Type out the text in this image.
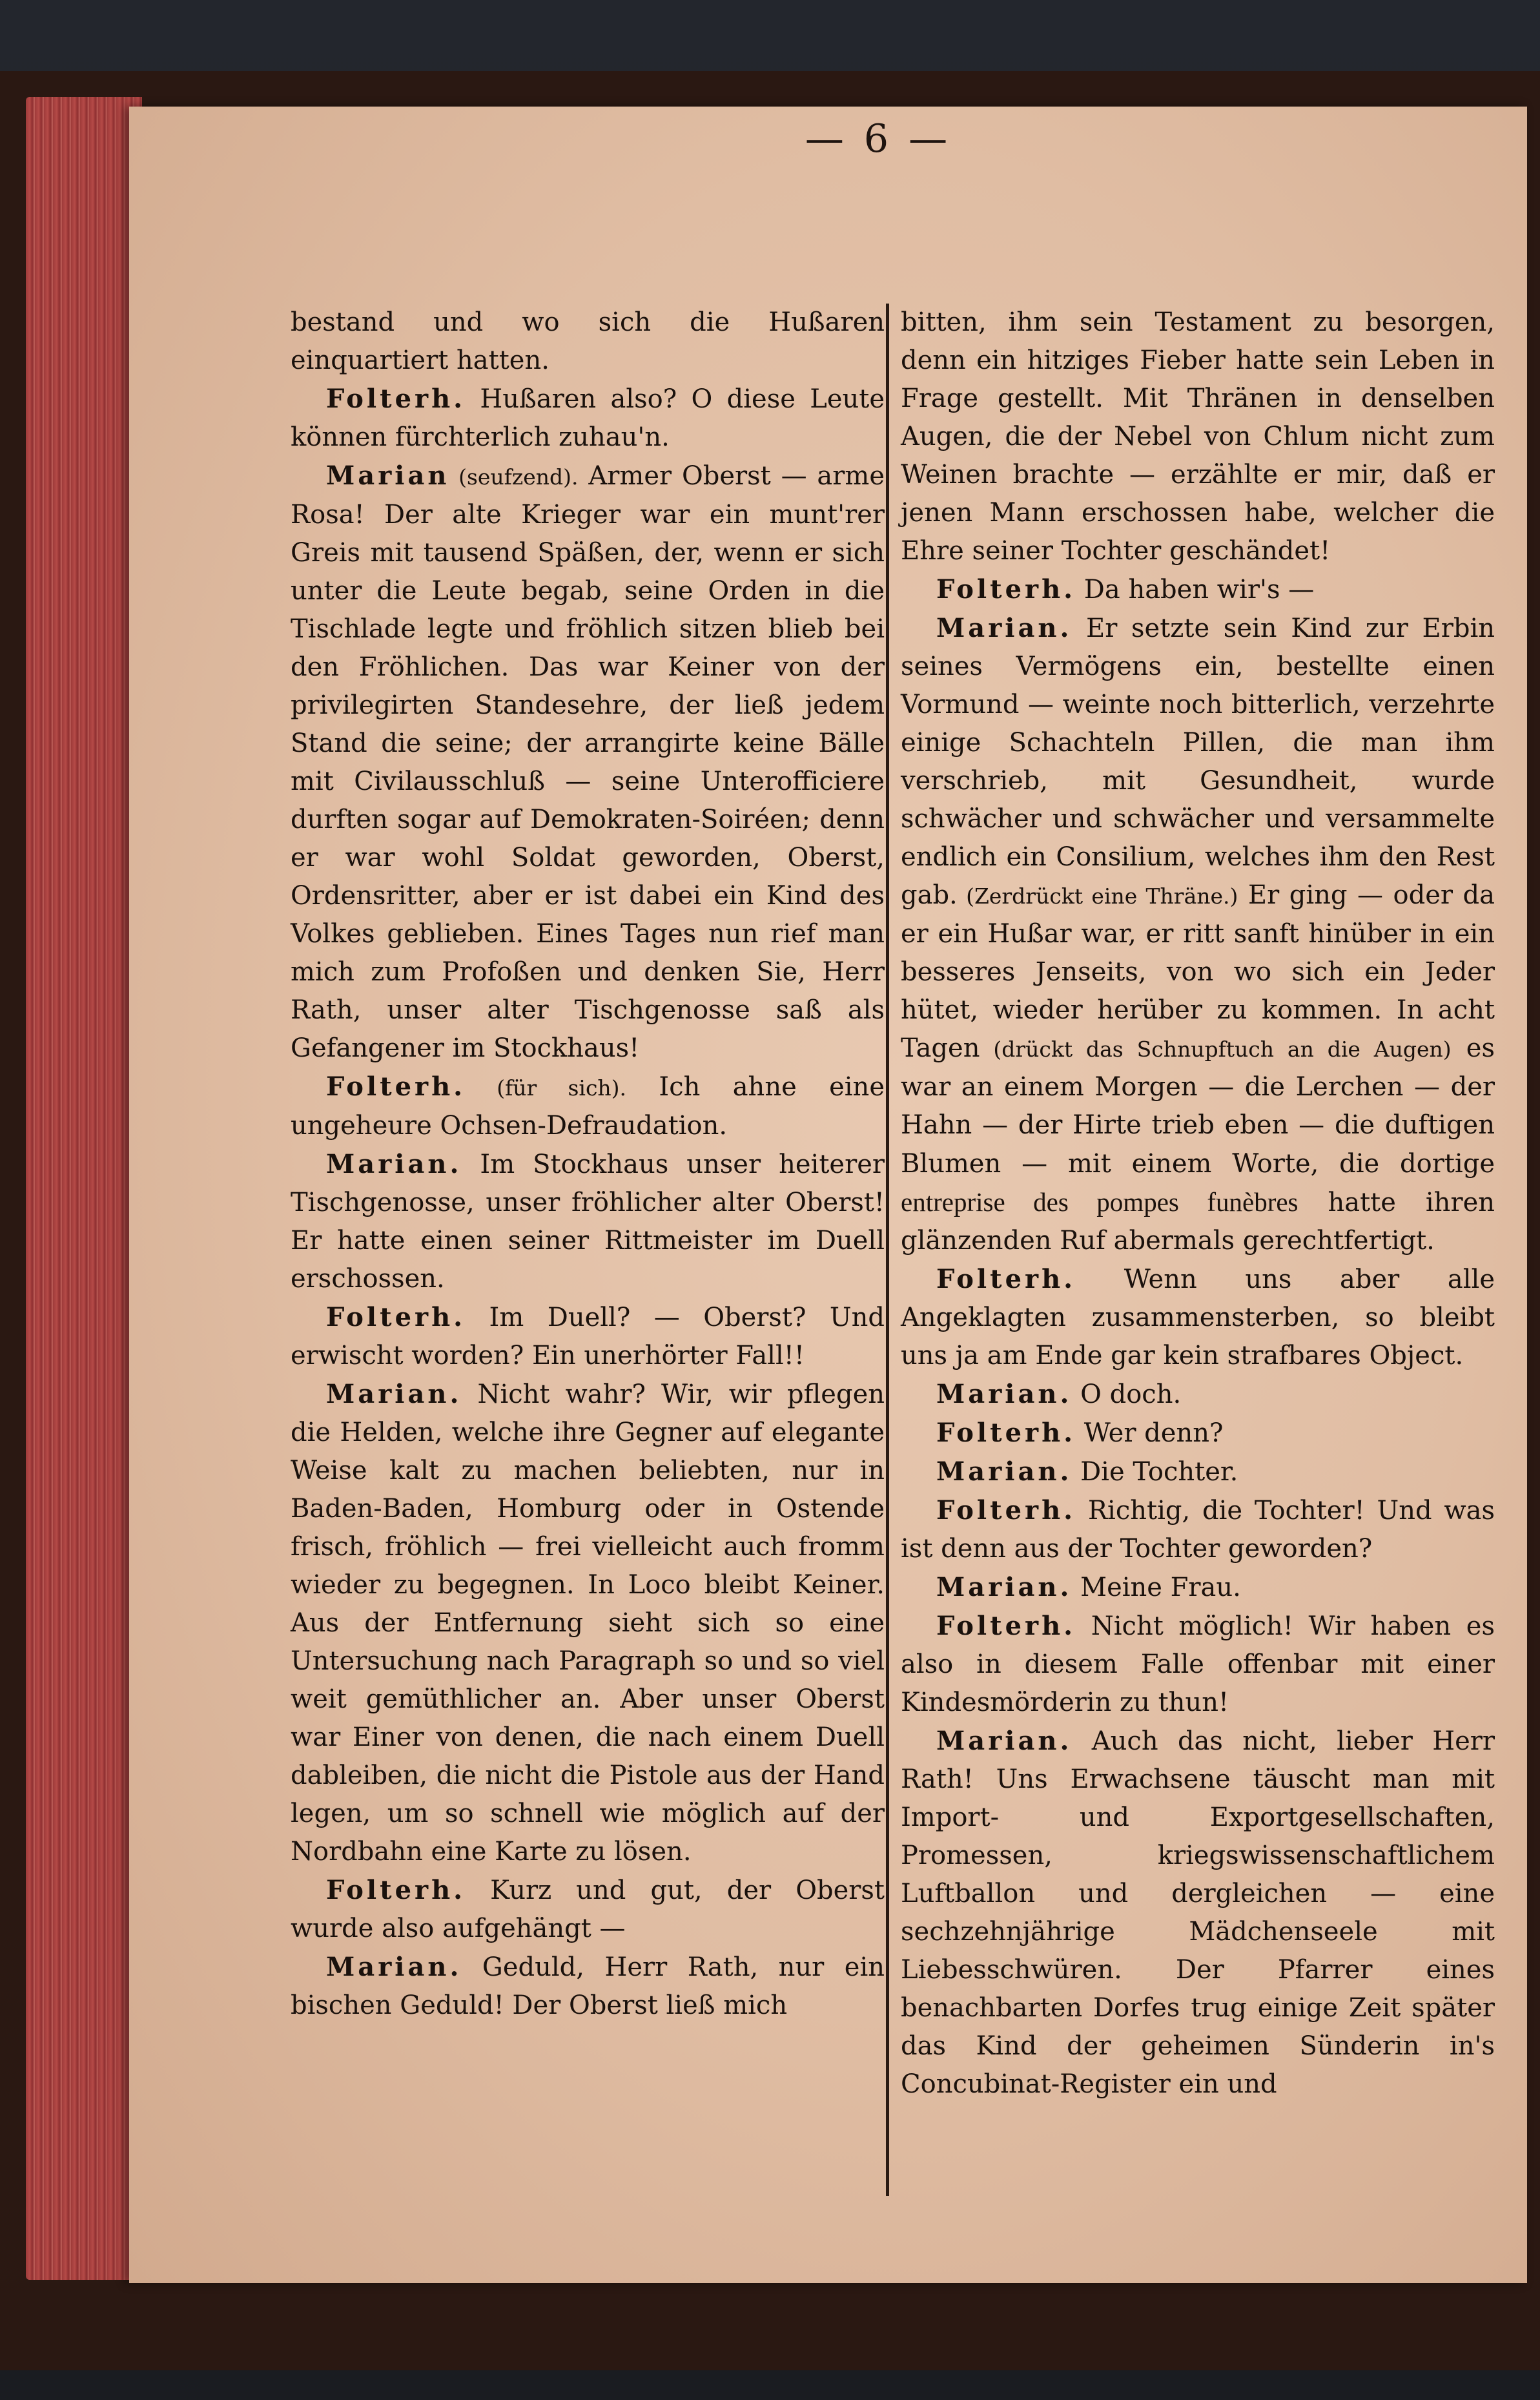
— 6 —

bestand und wo sich die Hußaren einquartiert hatten.

Folterh. Hußaren also? O diese Leute können fürchterlich zuhau'n.

Marian (seufzend). Armer Oberst — arme Rosa! Der alte Krieger war ein munt'rer Greis mit tausend Späßen, der, wenn er sich unter die Leute begab, seine Orden in die Tischlade legte und fröhlich sitzen blieb bei den Fröhlichen. Das war Keiner von der privilegirten Standesehre, der ließ jedem Stand die seine; der arrangirte keine Bälle mit Civilausschluß — seine Unterofficiere durften sogar auf Demokraten-Soiréen; denn er war wohl Soldat geworden, Oberst, Ordensritter, aber er ist dabei ein Kind des Volkes geblieben. Eines Tages nun rief man mich zum Profoßen und denken Sie, Herr Rath, unser alter Tischgenosse saß als Gefangener im Stockhaus!

Folterh. (für sich). Ich ahne eine ungeheure Ochsen-Defraudation.

Marian. Im Stockhaus unser heiterer Tischgenosse, unser fröhlicher alter Oberst! Er hatte einen seiner Rittmeister im Duell erschossen.

Folterh. Im Duell? — Oberst? Und erwischt worden? Ein unerhörter Fall!!

Marian. Nicht wahr? Wir, wir pflegen die Helden, welche ihre Gegner auf elegante Weise kalt zu machen beliebten, nur in Baden-Baden, Homburg oder in Ostende frisch, fröhlich — frei vielleicht auch fromm wieder zu begegnen. In Loco bleibt Keiner. Aus der Entfernung sieht sich so eine Untersuchung nach Paragraph so und so viel weit gemüthlicher an. Aber unser Oberst war Einer von denen, die nach einem Duell dableiben, die nicht die Pistole aus der Hand legen, um so schnell wie möglich auf der Nordbahn eine Karte zu lösen.

Folterh. Kurz und gut, der Oberst wurde also aufgehängt —

Marian. Geduld, Herr Rath, nur ein bischen Geduld! Der Oberst ließ mich

bitten, ihm sein Testament zu besorgen, denn ein hitziges Fieber hatte sein Leben in Frage gestellt. Mit Thränen in denselben Augen, die der Nebel von Chlum nicht zum Weinen brachte — erzählte er mir, daß er jenen Mann erschossen habe, welcher die Ehre seiner Tochter geschändet!

Folterh. Da haben wir's —

Marian. Er setzte sein Kind zur Erbin seines Vermögens ein, bestellte einen Vormund — weinte noch bitterlich, verzehrte einige Schachteln Pillen, die man ihm verschrieb, mit Gesundheit, wurde schwächer und schwächer und versammelte endlich ein Consilium, welches ihm den Rest gab. (Zerdrückt eine Thräne.) Er ging — oder da er ein Hußar war, er ritt sanft hinüber in ein besseres Jenseits, von wo sich ein Jeder hütet, wieder herüber zu kommen. In acht Tagen (drückt das Schnupftuch an die Augen) es war an einem Morgen — die Lerchen — der Hahn — der Hirte trieb eben — die duftigen Blumen — mit einem Worte, die dortige entreprise des pompes funèbres hatte ihren glänzenden Ruf abermals gerechtfertigt.

Folterh. Wenn uns aber alle Angeklagten zusammensterben, so bleibt uns ja am Ende gar kein strafbares Object.

Marian. O doch.

Folterh. Wer denn?

Marian. Die Tochter.

Folterh. Richtig, die Tochter! Und was ist denn aus der Tochter geworden?

Marian. Meine Frau.

Folterh. Nicht möglich! Wir haben es also in diesem Falle offenbar mit einer Kindesmörderin zu thun!

Marian. Auch das nicht, lieber Herr Rath! Uns Erwachsene täuscht man mit Import- und Exportgesellschaften, Promessen, kriegswissenschaftlichem Luftballon und dergleichen — eine sechzehnjährige Mädchenseele mit Liebesschwüren. Der Pfarrer eines benachbarten Dorfes trug einige Zeit später das Kind der geheimen Sünderin in's Concubinat-Register ein und
